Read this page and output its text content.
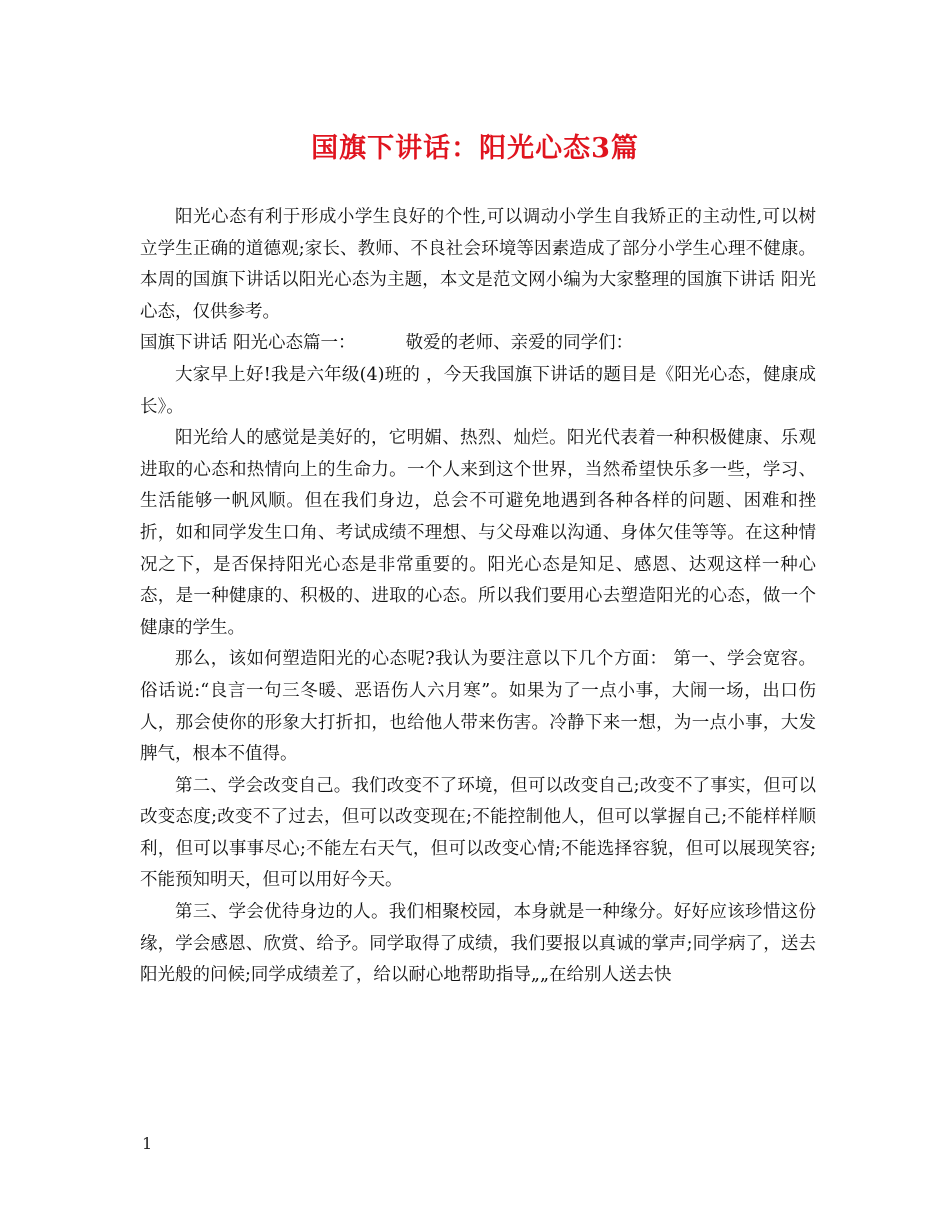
国旗下讲话：阳光心态3篇

阳光心态有利于形成小学生良好的个性,可以调动小学生自我矫正的主动性,可以树立学生正确的道德观;家长、教师、不良社会环境等因素造成了部分小学生心理不健康。本周的国旗下讲话以阳光心态为主题，本文是范文网小编为大家整理的国旗下讲话 阳光心态，仅供参考。

国旗下讲话 阳光心态篇一：	敬爱的老师、亲爱的同学们：

大家早上好!我是六年级(4)班的 ，今天我国旗下讲话的题目是《阳光心态，健康成长》。

阳光给人的感觉是美好的，它明媚、热烈、灿烂。阳光代表着一种积极健康、乐观进取的心态和热情向上的生命力。一个人来到这个世界，当然希望快乐多一些，学习、生活能够一帆风顺。但在我们身边，总会不可避免地遇到各种各样的问题、困难和挫折，如和同学发生口角、考试成绩不理想、与父母难以沟通、身体欠佳等等。在这种情况之下，是否保持阳光心态是非常重要的。阳光心态是知足、感恩、达观这样一种心态，是一种健康的、积极的、进取的心态。所以我们要用心去塑造阳光的心态，做一个健康的学生。

那么，该如何塑造阳光的心态呢?我认为要注意以下几个方面： 第一、学会宽容。俗话说:“良言一句三冬暖、恶语伤人六月寒”。如果为了一点小事，大闹一场，出口伤人，那会使你的形象大打折扣，也给他人带来伤害。冷静下来一想，为一点小事，大发脾气，根本不值得。

第二、学会改变自己。我们改变不了环境，但可以改变自己;改变不了事实，但可以改变态度;改变不了过去，但可以改变现在;不能控制他人，但可以掌握自己;不能样样顺利，但可以事事尽心;不能左右天气，但可以改变心情;不能选择容貌，但可以展现笑容;不能预知明天，但可以用好今天。

第三、学会优待身边的人。我们相聚校园，本身就是一种缘分。好好应该珍惜这份缘，学会感恩、欣赏、给予。同学取得了成绩，我们要报以真诚的掌声;同学病了，送去阳光般的问候;同学成绩差了，给以耐心地帮助指导„„在给别人送去快

1
